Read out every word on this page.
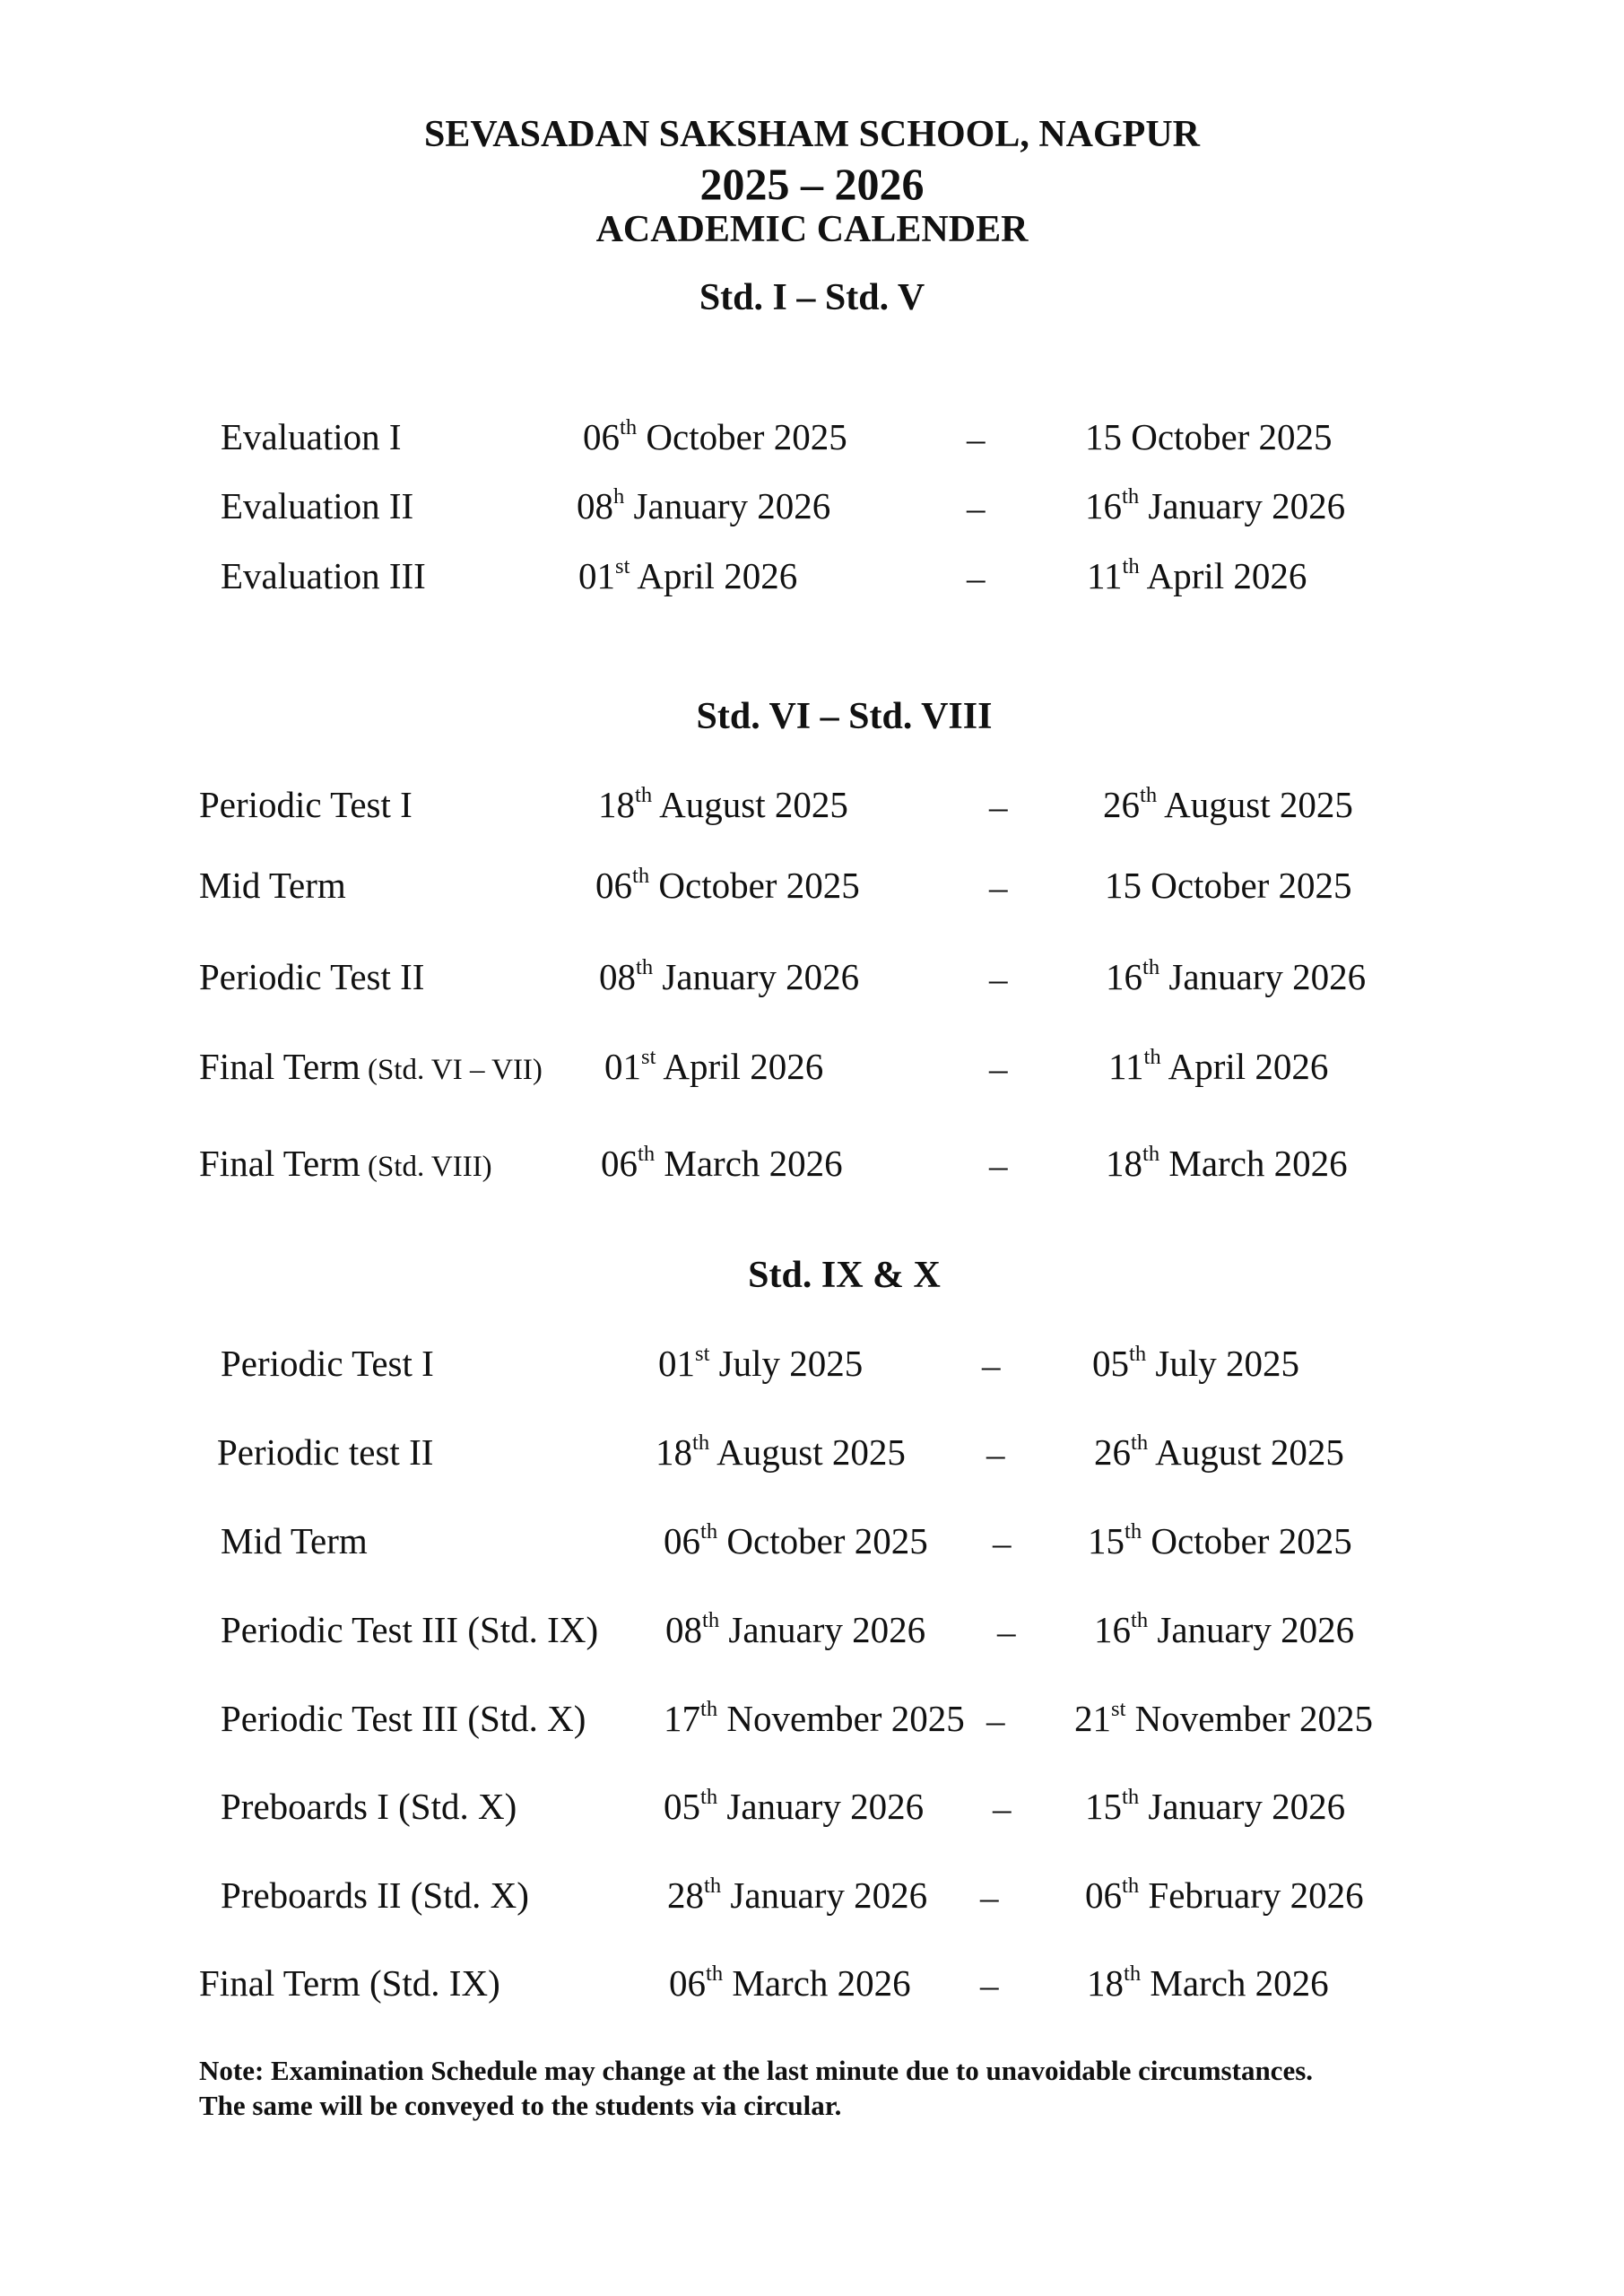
SEVASADAN SAKSHAM SCHOOL, NAGPUR
2025 – 2026
ACADEMIC CALENDER
Std. I – Std. V
Evaluation I	06th October 2025	–	15 October 2025
Evaluation II	08$^h$ January 2026	–	16th January 2026
Evaluation III	01st April 2026	–	11th April 2026
Std. VI – Std. VIII
Periodic Test I	18th August 2025	–	26th August 2025
Mid Term	06th October 2025	–	15 October 2025
Periodic Test II	08th January 2026	–	16th January 2026
Final Term (Std. VI – VII) 01st April 2026	–	11th April 2026
Final Term (Std. VIII)	06th March 2026	–	18th March 2026
Std. IX & X
Periodic Test I	01st July 2025	–	05th July 2025
Periodic test II	18th August 2025 – 26th August 2025
Mid Term	06th October 2025 – 15th October 2025
Periodic Test III (Std. IX) 08th January 2026 – 16th January 2026
Periodic Test III (Std. X) 17th November 2025 – 21st November 2025
Preboards I (Std. X)	05th January 2026 – 15th January 2026
Preboards II (Std. X)	28th January 2026 – 06th February 2026
Final Term (Std. IX)	06th March 2026 – 18th March 2026
Note: Examination Schedule may change at the last minute due to unavoidable circumstances.
The same will be conveyed to the students via circular.
